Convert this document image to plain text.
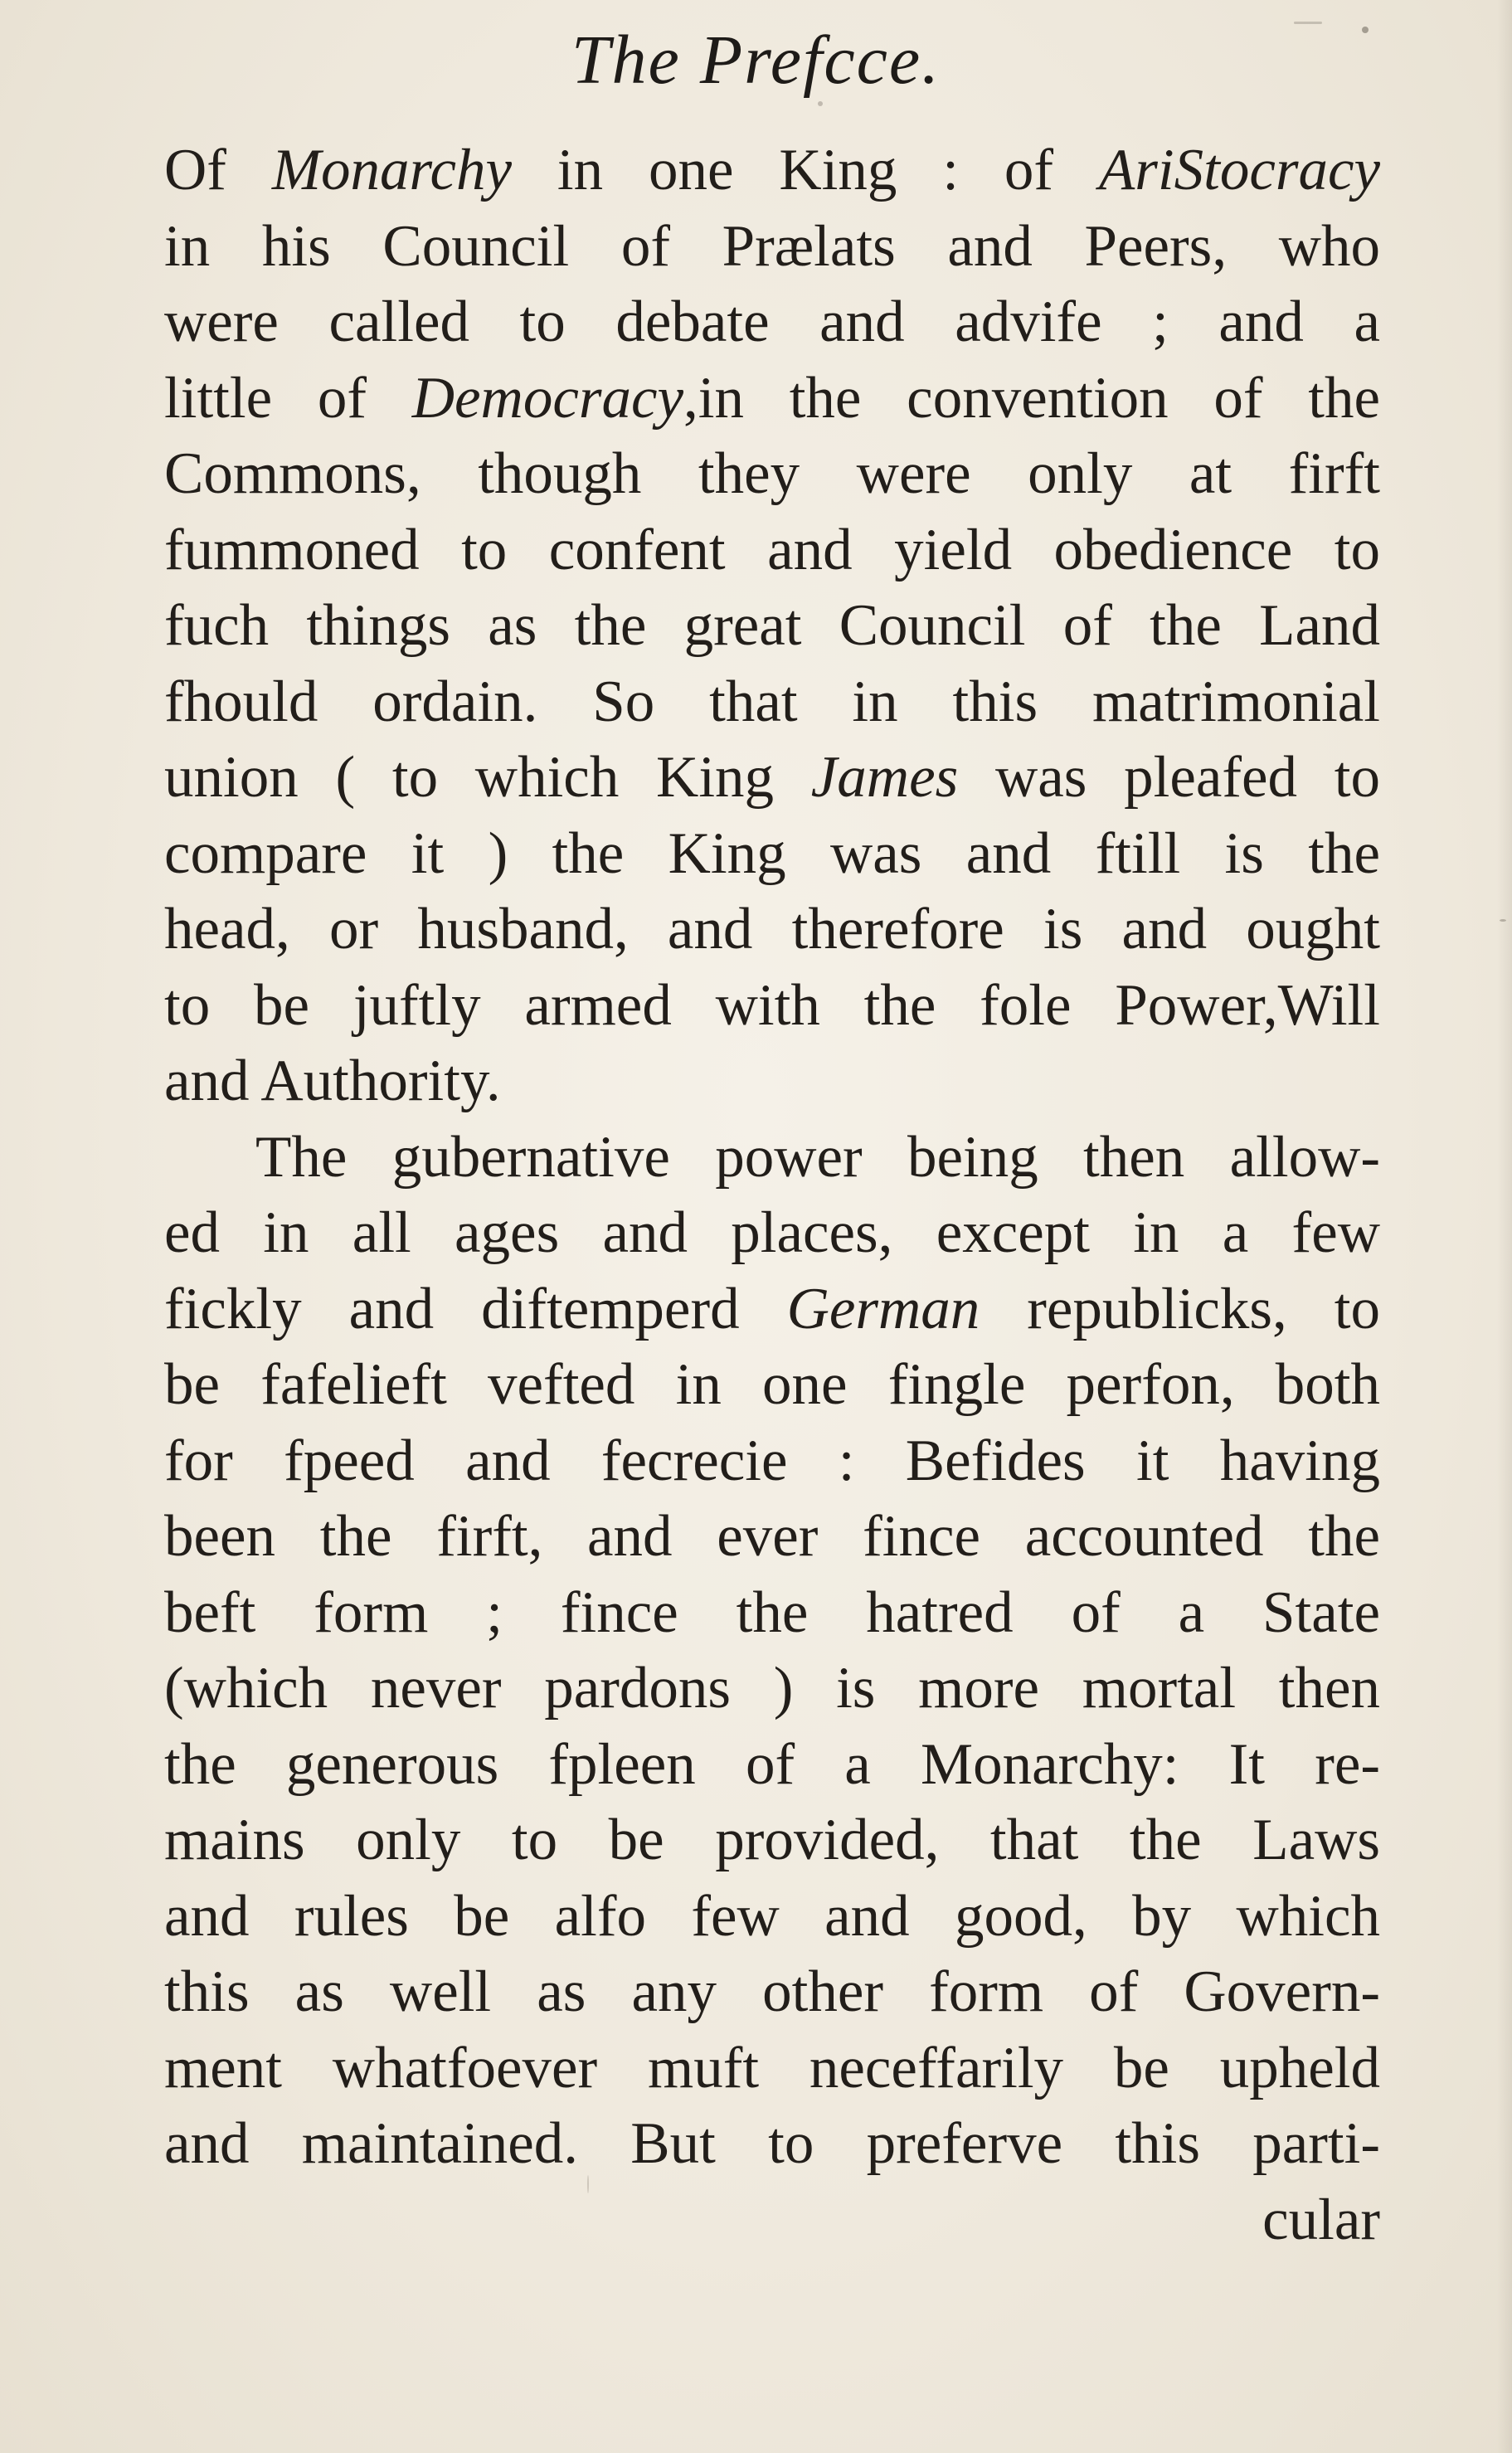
The Prefcce.
Of Monarchy in one King : of AriStocracy
in his Council of Prælats and Peers, who
were called to debate and advife ; and a
little of Democracy,in the convention of the
Commons, though they were only at firft
fummoned to confent and yield obedience to
fuch things as the great Council of the Land
fhould ordain. So that in this matrimonial
union ( to which King James was pleafed to
compare it ) the King was and ftill is the
head, or husband, and therefore is and ought
to be juftly armed with the fole Power,Will
and Authority.
The gubernative power being then allow-
ed in all ages and places, except in a few
fickly and diftemperd German republicks, to
be fafelieft vefted in one fingle perfon, both
for fpeed and fecrecie : Befides it having
been the firft, and ever fince accounted the
beft form ; fince the hatred of a State
(which never pardons ) is more mortal then
the generous fpleen of a Monarchy: It re-
mains only to be provided, that the Laws
and rules be alfo few and good, by which
this as well as any other form of Govern-
ment whatfoever muft neceffarily be upheld
and maintained. But to preferve this parti-
cular
